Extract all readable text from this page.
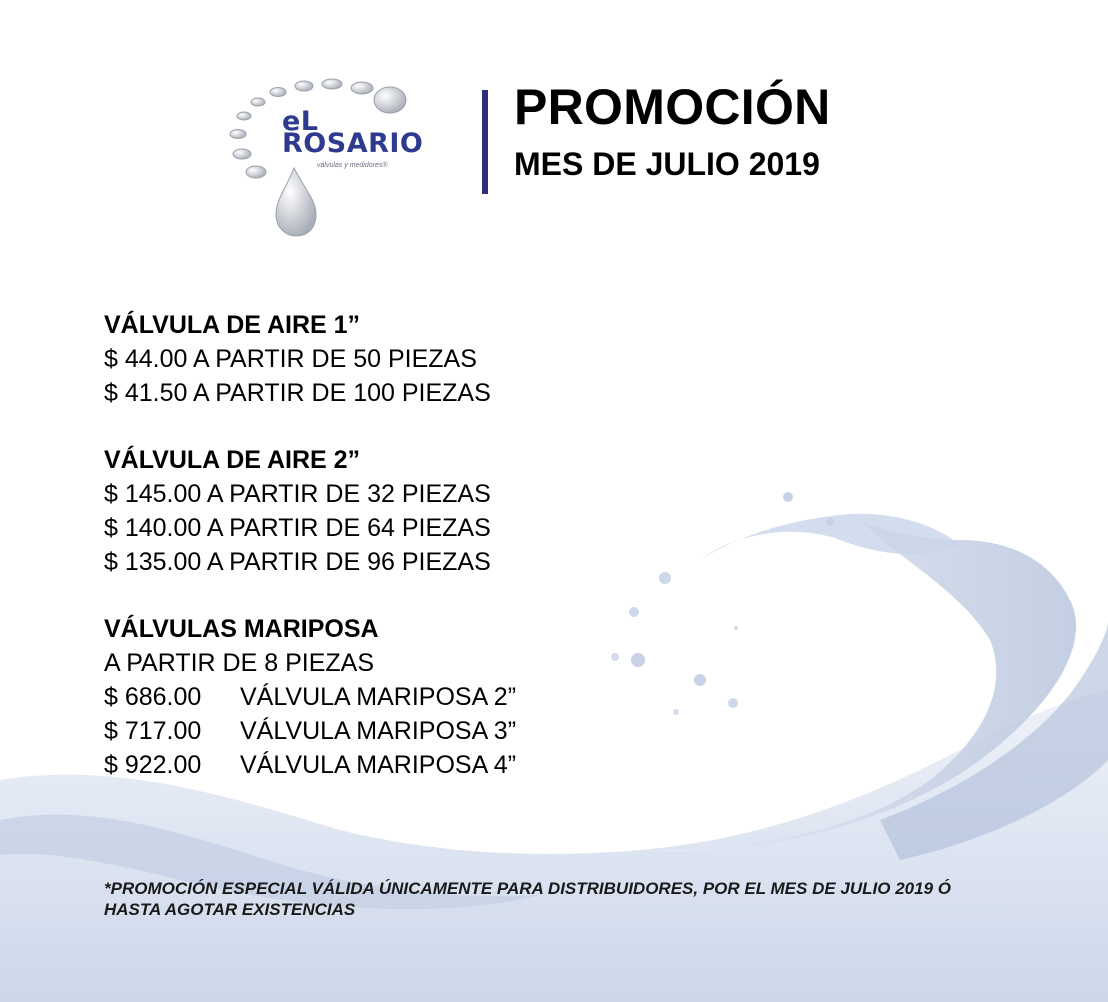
eL
ROSARIO
válvulas y medidores®
PROMOCIÓN
MES DE JULIO 2019
VÁLVULA DE AIRE 1”
$ 44.00 A PARTIR DE 50 PIEZAS
$ 41.50 A PARTIR DE 100 PIEZAS
VÁLVULA DE AIRE 2”
$ 145.00 A PARTIR DE 32 PIEZAS
$ 140.00 A PARTIR DE 64 PIEZAS
$ 135.00 A PARTIR DE 96 PIEZAS
VÁLVULAS MARIPOSA
A PARTIR DE 8 PIEZAS
$ 686.00 VÁLVULA MARIPOSA 2”
$ 717.00 VÁLVULA MARIPOSA 3”
$ 922.00 VÁLVULA MARIPOSA 4”
*PROMOCIÓN ESPECIAL VÁLIDA ÚNICAMENTE PARA DISTRIBUIDORES, POR EL MES DE JULIO 2019 Ó HASTA AGOTAR EXISTENCIAS
